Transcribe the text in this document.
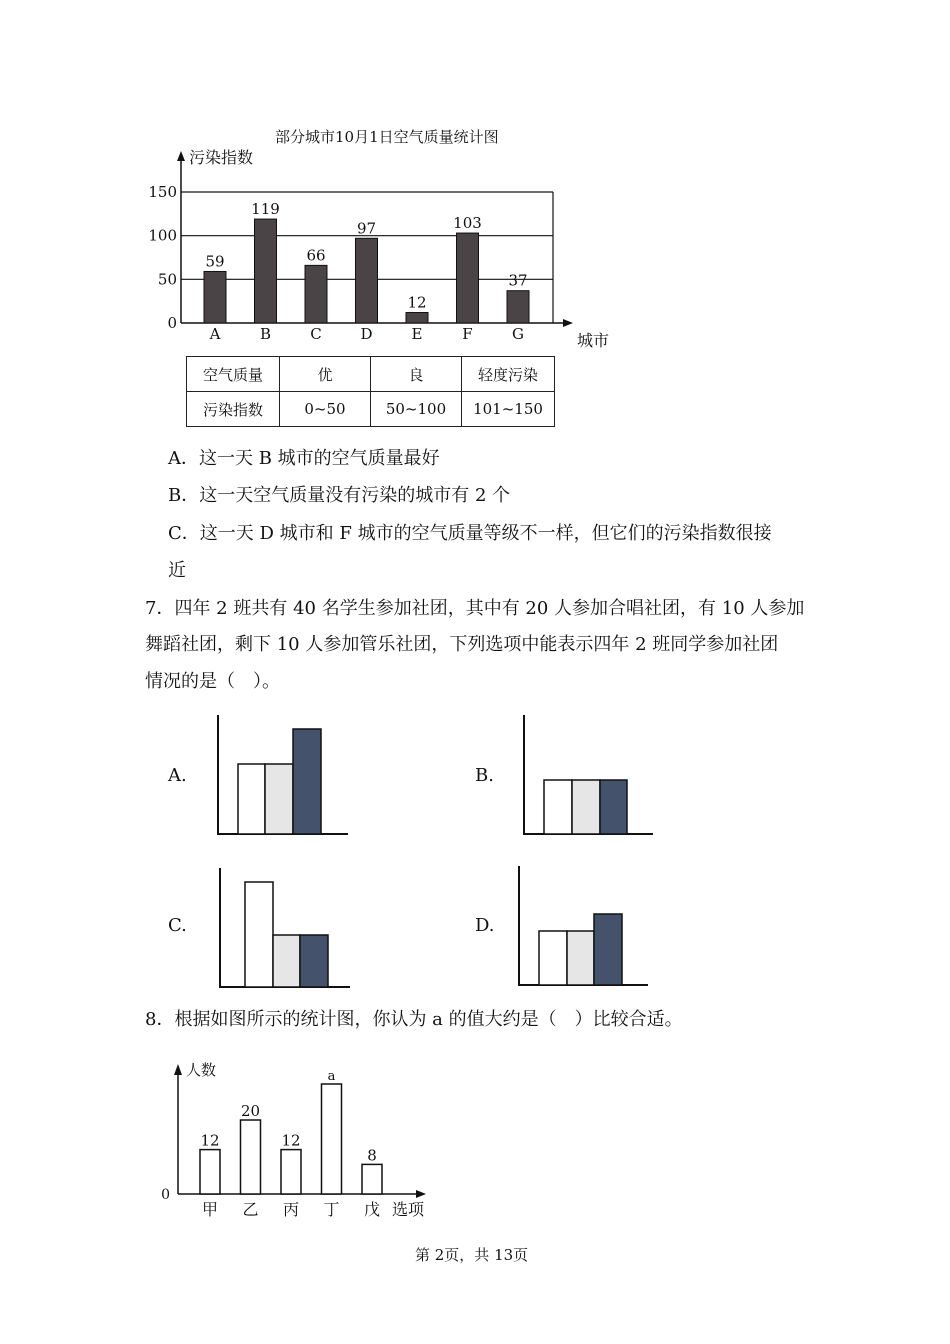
部分城市10月1日空气质量统计图
0
50
100
150
污染指数
城市
59
A
119
B
66
C
97
D
12
E
103
F
37
G
空气质量	优	良	轻度污染
污染指数	0~50	50~100	101~150
A．这一天 B 城市的空气质量最好
B．这一天空气质量没有污染的城市有 2 个
C．这一天 D 城市和 F 城市的空气质量等级不一样，但它们的污染指数很接
近
7．四年 2 班共有 40 名学生参加社团，其中有 20 人参加合唱社团，有 10 人参加
舞蹈社团，剩下 10 人参加管乐社团，下列选项中能表示四年 2 班同学参加社团
情况的是（　）。
A.	B.
C.	D.
8．根据如图所示的统计图，你认为 a 的值大约是（　）比较合适。
人数
0
选项
12
甲
20
乙
12
丙
a
丁
8
戊
第 2页，共 13页
